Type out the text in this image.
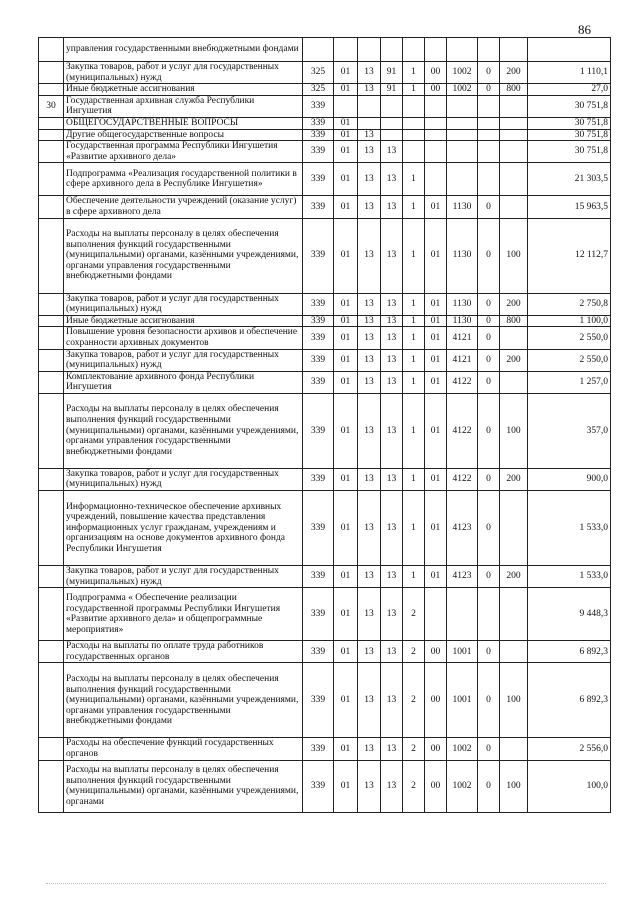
86
	управления государственными внебюджетными фондами										
	Закупка товаров, работ и услуг для государственных (муниципальных) нужд	325	01	13	91	1	00	1002	0	200	1 110,1
	Иные бюджетные ассигнования	325	01	13	91	1	00	1002	0	800	27,0
30	Государственная архивная служба Республики Ингушетия	339									30 751,8
	ОБЩЕГОСУДАРСТВЕННЫЕ ВОПРОСЫ	339	01								30 751,8
	Другие общегосударственные вопросы	339	01	13							30 751,8
	Государственная программа Республики Ингушетия «Развитие архивного дела»	339	01	13	13						30 751,8
	Подпрограмма «Реализация государственной политики в сфере архивного дела в Республике Ингушетия»	339	01	13	13	1					21 303,5
	Обеспечение деятельности учреждений (оказание услуг) в сфере архивного дела	339	01	13	13	1	01	1130	0		15 963,5
	Расходы на выплаты персоналу в целях обеспечения выполнения функций государственными (муниципальными) органами, казёнными учреждениями, органами управления государственными внебюджетными фондами	339	01	13	13	1	01	1130	0	100	12 112,7
	Закупка товаров, работ и услуг для государственных (муниципальных) нужд	339	01	13	13	1	01	1130	0	200	2 750,8
	Иные бюджетные ассигнования	339	01	13	13	1	01	1130	0	800	1 100,0
	Повышение уровня безопасности архивов и обеспечение сохранности архивных документов	339	01	13	13	1	01	4121	0		2 550,0
	Закупка товаров, работ и услуг для государственных (муниципальных) нужд	339	01	13	13	1	01	4121	0	200	2 550,0
	Комплектование архивного фонда Республики Ингушетия	339	01	13	13	1	01	4122	0		1 257,0
	Расходы на выплаты персоналу в целях обеспечения выполнения функций государственными (муниципальными) органами, казёнными учреждениями, органами управления государственными внебюджетными фондами	339	01	13	13	1	01	4122	0	100	357,0
	Закупка товаров, работ и услуг для государственных (муниципальных) нужд	339	01	13	13	1	01	4122	0	200	900,0
	Информационно-техническое обеспечение архивных учреждений, повышение качества представления информационных услуг гражданам, учреждениям и организациям на основе документов архивного фонда Республики Ингушетия	339	01	13	13	1	01	4123	0		1 533,0
	Закупка товаров, работ и услуг для государственных (муниципальных) нужд	339	01	13	13	1	01	4123	0	200	1 533,0
	Подпрограмма « Обеспечение реализации государственной программы Республики Ингушетия «Развитие архивного дела» и общепрограммные мероприятия»	339	01	13	13	2					9 448,3
	Расходы на выплаты по оплате труда работников государственных органов	339	01	13	13	2	00	1001	0		6 892,3
	Расходы на выплаты персоналу в целях обеспечения выполнения функций государственными (муниципальными) органами, казёнными учреждениями, органами управления государственными внебюджетными фондами	339	01	13	13	2	00	1001	0	100	6 892,3
	Расходы на обеспечение функций государственных органов	339	01	13	13	2	00	1002	0		2 556,0
	Расходы на выплаты персоналу в целях обеспечения выполнения функций государственными (муниципальными) органами, казёнными учреждениями, органами	339	01	13	13	2	00	1002	0	100	100,0
